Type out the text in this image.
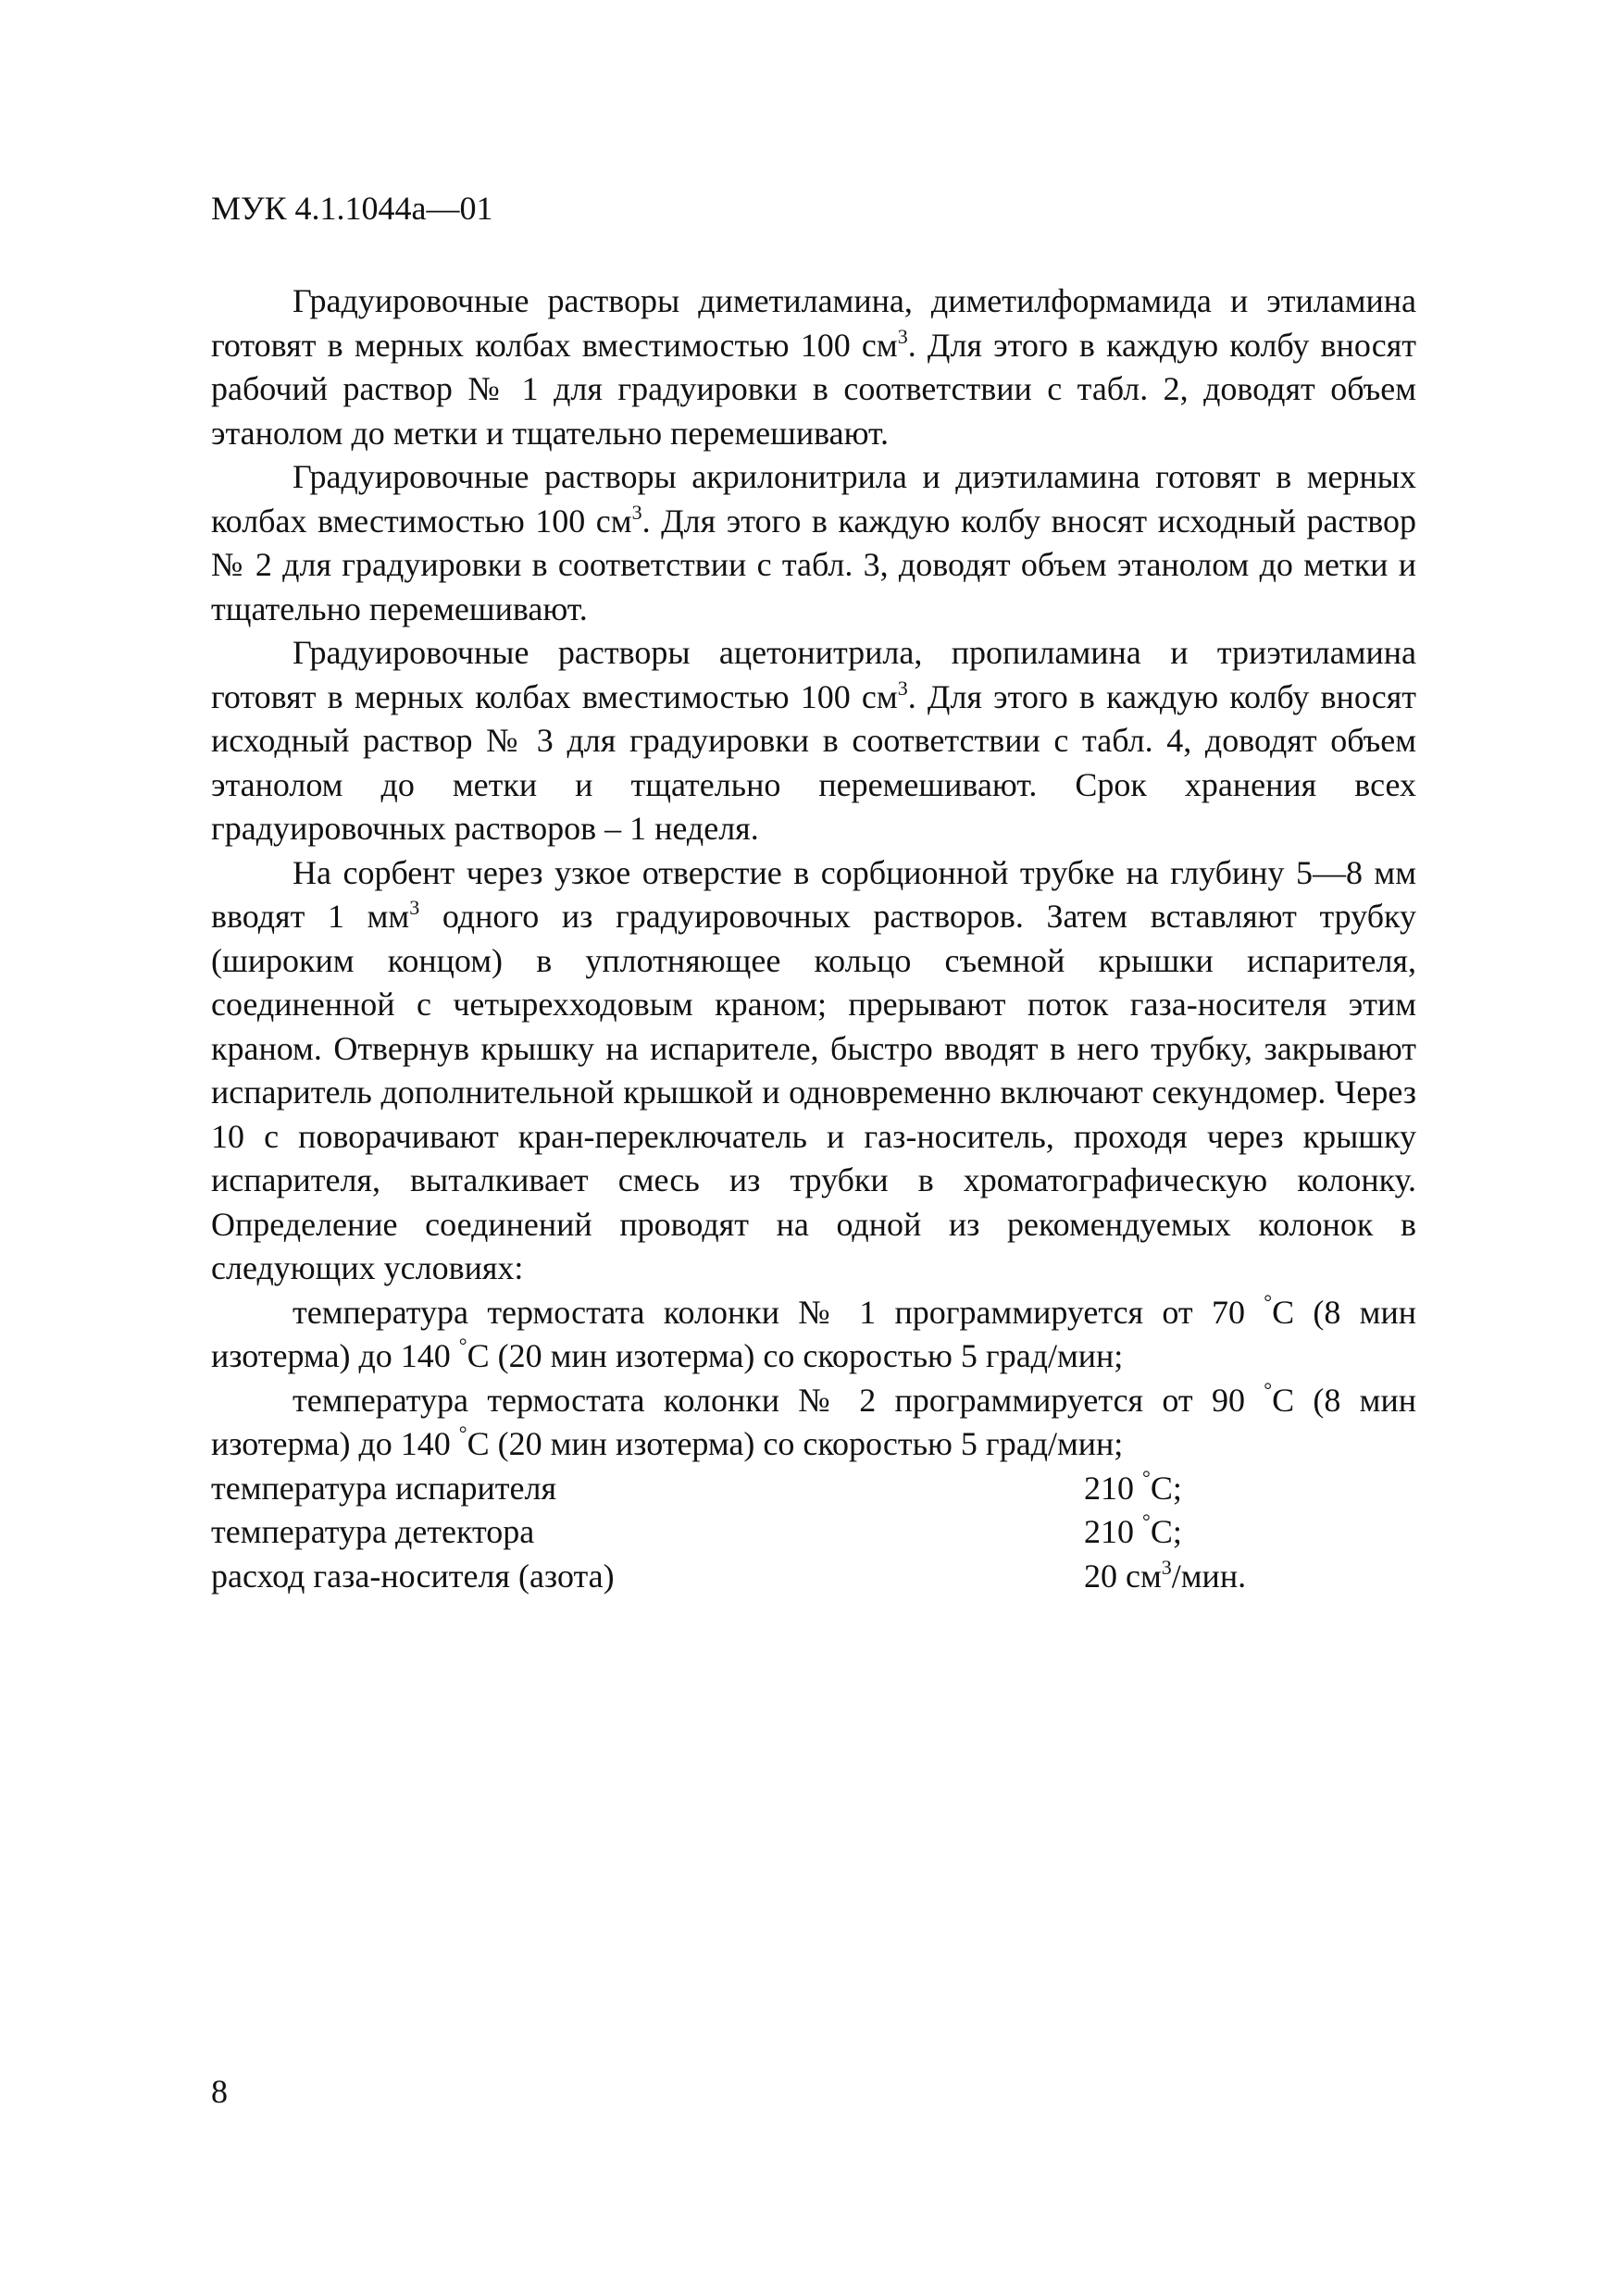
МУК 4.1.1044а—01

Градуировочные растворы диметиламина, диметилформамида и этиламина готовят в мерных колбах вместимостью 100 $см^3$. Для этого в каждую колбу вносят рабочий раствор № 1 для градуировки в соответствии с табл. 2, доводят объем этанолом до метки и тщательно перемешивают.

Градуировочные растворы акрилонитрила и диэтиламина готовят в мерных колбах вместимостью 100 $см^3$. Для этого в каждую колбу вносят исходный раствор № 2 для градуировки в соответствии с табл. 3, доводят объем этанолом до метки и тщательно перемешивают.

Градуировочные растворы ацетонитрила, пропиламина и триэтиламина готовят в мерных колбах вместимостью 100 $см^3$. Для этого в каждую колбу вносят исходный раствор № 3 для градуировки в соответствии с табл. 4, доводят объем этанолом до метки и тщательно перемешивают. Срок хранения всех градуировочных растворов – 1 неделя.

На сорбент через узкое отверстие в сорбционной трубке на глубину 5—8 мм вводят 1 $мм^3$ одного из градуировочных растворов. Затем вставляют трубку (широким концом) в уплотняющее кольцо съемной крышки испарителя, соединенной с четырехходовым краном; прерывают поток газа-носителя этим краном. Отвернув крышку на испарителе, быстро вводят в него трубку, закрывают испаритель дополнительной крышкой и одновременно включают секундомер. Через 10 с поворачивают кран-переключатель и газ-носитель, проходя через крышку испарителя, выталкивает смесь из трубки в хроматографическую колонку. Определение соединений проводят на одной из рекомендуемых колонок в следующих условиях:

температура термостата колонки № 1 программируется от 70 °С (8 мин изотерма) до 140 °С (20 мин изотерма) со скоростью 5 град/мин;

температура термостата колонки № 2 программируется от 90 °С (8 мин изотерма) до 140 °С (20 мин изотерма) со скоростью 5 град/мин;

температура испарителя	210 °С;
температура детектора	210 °С;
расход газа-носителя (азота)	20 $см^3$/мин.
8
